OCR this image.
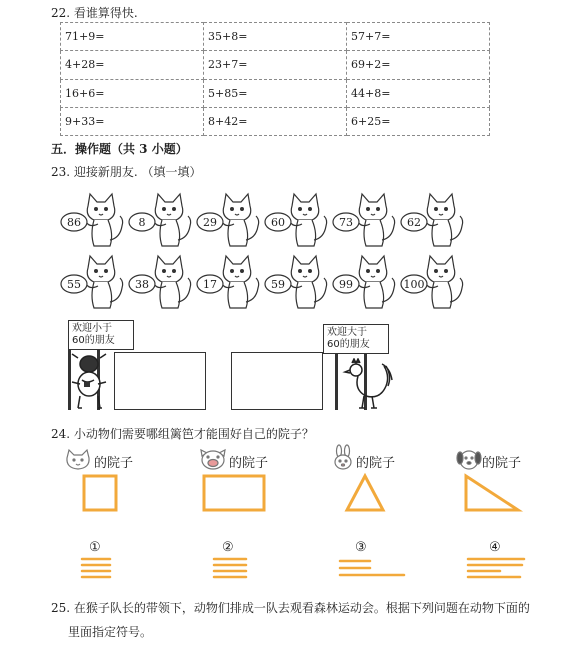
22. 看谁算得快.
71+9=	35+8=	57+7=
4+28=	23+7=	69+2=
16+6=	5+85=	44+8=
9+33=	8+42=	6+25=
五．操作题（共 3 小题）
23. 迎接新朋友. （填一填）
86	8	29	60	73	62
55	38	17	59	99	100
欢迎小于
60的朋友
欢迎大于
60的朋友
24. 小动物们需要哪组篱笆才能围好自己的院子？
的院子	的院子	的院子	的院子
①	②	③	④
25. 在猴子队长的带领下，动物们排成一队去观看森林运动会。根据下列问题在动物下面的
里面指定符号。
